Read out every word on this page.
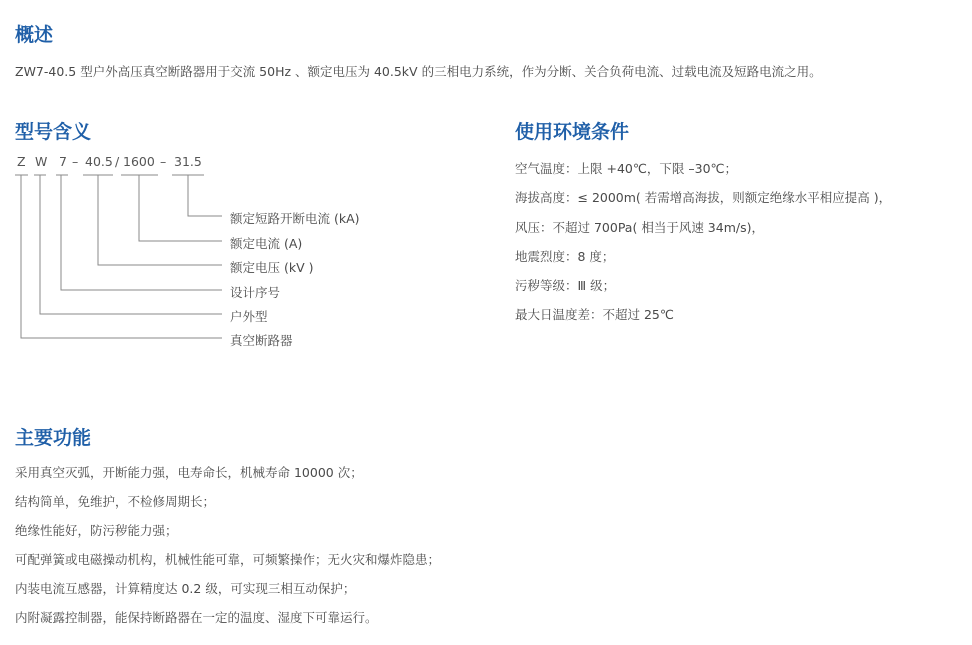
概述

ZW7-40.5 型户外高压真空断路器用于交流 50Hz 、额定电压为 40.5kV 的三相电力系统，作为分断、关合负荷电流、过载电流及短路电流之用。

型号含义
Z W 7 – 40.5 / 1600 – 31.5
额定短路开断电流 (kA)
额定电流 (A)
额定电压 (kV )
设计序号
户外型
真空断路器
使用环境条件

空气温度：上限 +40℃，下限 –30℃；

海拔高度：≤ 2000m( 若需增高海拔，则额定绝缘水平相应提高 )，

风压：不超过 700Pa( 相当于风速 34m/s)，

地震烈度：8 度；

污秽等级：Ⅲ 级；

最大日温度差：不超过 25℃

主要功能

采用真空灭弧，开断能力强，电寿命长，机械寿命 10000 次；

结构简单，免维护，不检修周期长；

绝缘性能好，防污秽能力强；

可配弹簧或电磁操动机构，机械性能可靠，可频繁操作；无火灾和爆炸隐患；

内装电流互感器，计算精度达 0.2 级，可实现三相互动保护；

内附凝露控制器，能保持断路器在一定的温度、湿度下可靠运行。
